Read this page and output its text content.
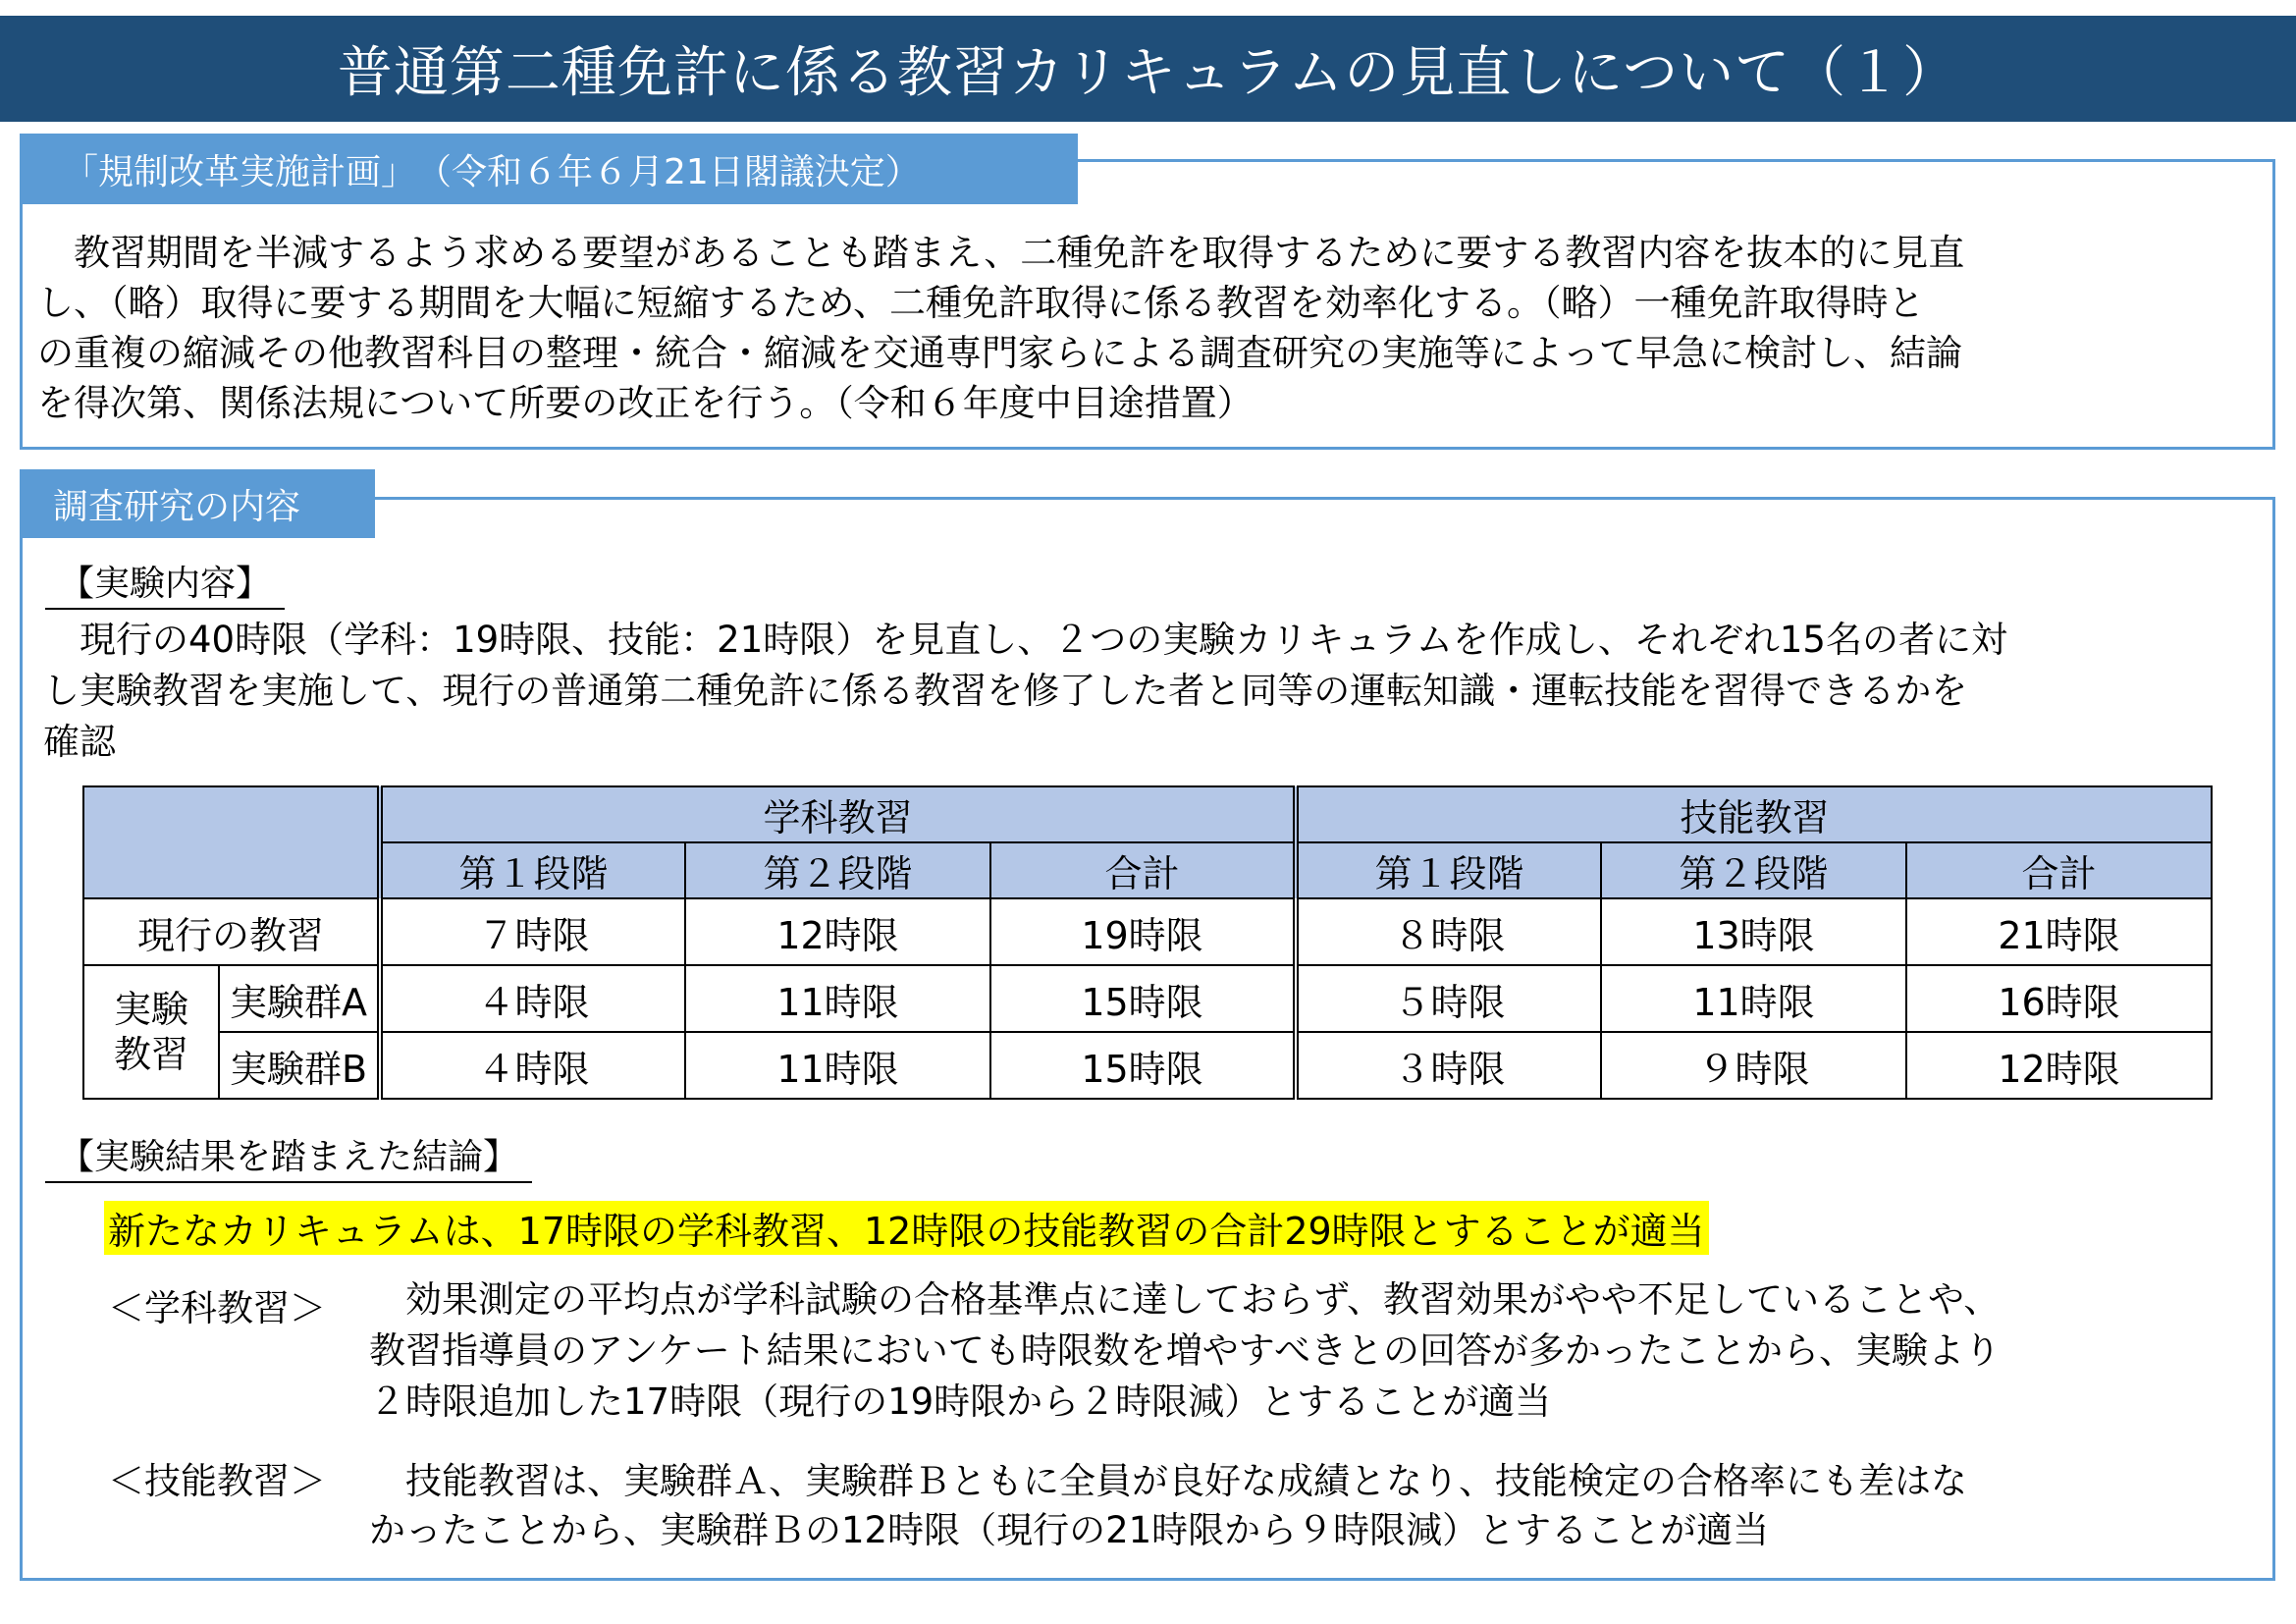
普通第二種免許に係る教習カリキュラムの見直しについて（１）
「規制改革実施計画」　（令和６年６月21日閣議決定）
　教習期間を半減するよう求める要望があることも踏まえ、二種免許を取得するために要する教習内容を抜本的に見直
し、（略）取得に要する期間を大幅に短縮するため、二種免許取得に係る教習を効率化する。（略）一種免許取得時と
の重複の縮減その他教習科目の整理・統合・縮減を交通専門家らによる調査研究の実施等によって早急に検討し、結論
を得次第、関係法規について所要の改正を行う。（令和６年度中目途措置）
調査研究の内容
【実験内容】
　現行の40時限（学科：19時限、技能：21時限）を見直し、２つの実験カリキュラムを作成し、それぞれ15名の者に対
し実験教習を実施して、現行の普通第二種免許に係る教習を修了した者と同等の運転知識・運転技能を習得できるかを
確認
		学科教習			技能教習		
		第１段階	第２段階	合計	第１段階	第２段階	合計
現行の教習		７時限	12時限	19時限	８時限	13時限	21時限
実験教習	実験群A	４時限	11時限	15時限	５時限	11時限	16時限
	実験群B	４時限	11時限	15時限	３時限	９時限	12時限
【実験結果を踏まえた結論】
新たなカリキュラムは、17時限の学科教習、12時限の技能教習の合計29時限とすることが適当
＜学科教習＞ 　効果測定の平均点が学科試験の合格基準点に達しておらず、教習効果がやや不足していることや、
教習指導員のアンケート結果においても時限数を増やすべきとの回答が多かったことから、実験より
２時限追加した17時限（現行の19時限から２時限減）とすることが適当
＜技能教習＞ 　技能教習は、実験群Ａ、実験群Ｂともに全員が良好な成績となり、技能検定の合格率にも差はな
かったことから、実験群Ｂの12時限（現行の21時限から９時限減）とすることが適当
